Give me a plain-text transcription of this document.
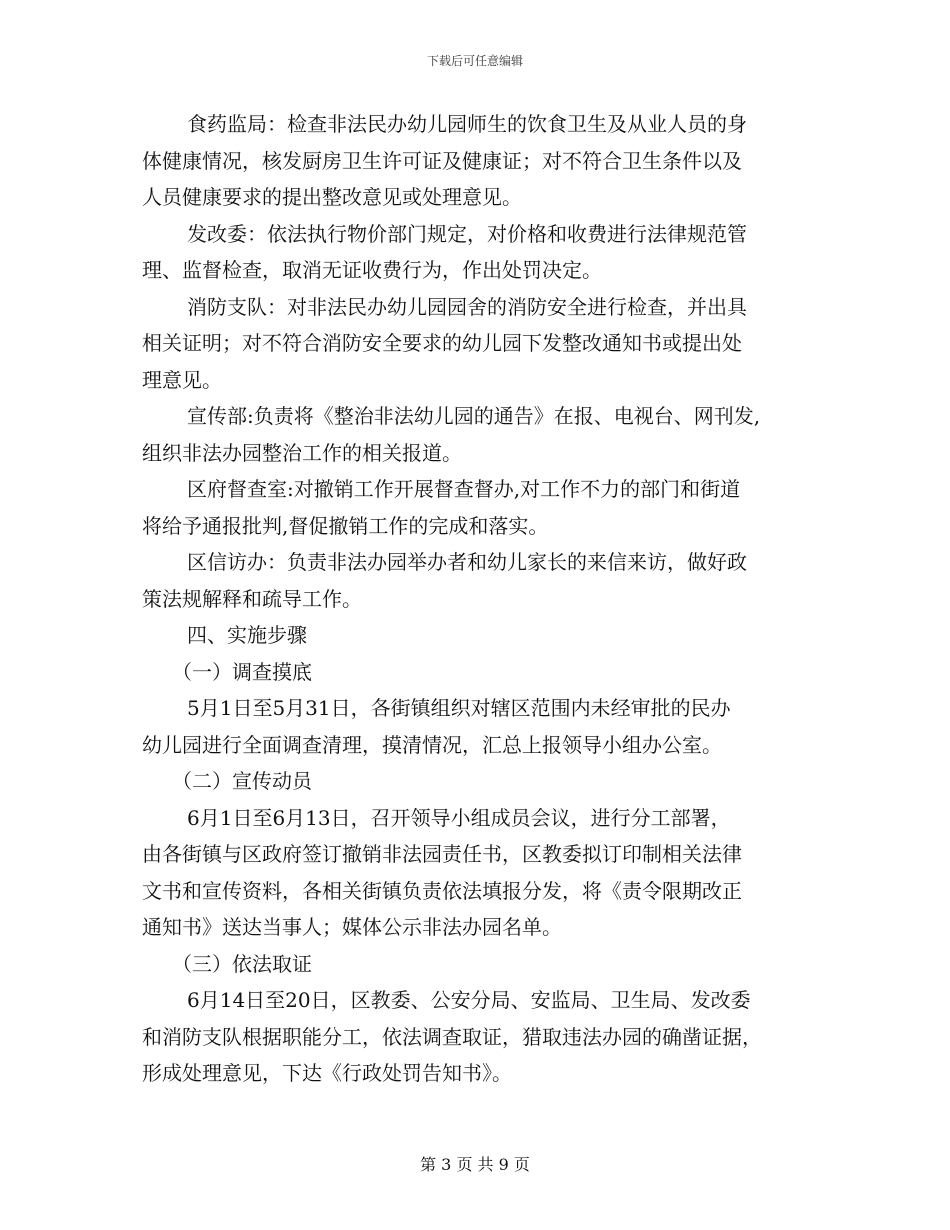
下载后可任意编辑
食药监局：检查非法民办幼儿园师生的饮食卫生及从业人员的身
体健康情况，核发厨房卫生许可证及健康证；对不符合卫生条件以及
人员健康要求的提出整改意见或处理意见。
发改委：依法执行物价部门规定，对价格和收费进行法律规范管
理、监督检查，取消无证收费行为，作出处罚决定。
消防支队：对非法民办幼儿园园舍的消防安全进行检查，并出具
相关证明；对不符合消防安全要求的幼儿园下发整改通知书或提出处
理意见。
宣传部:负责将《整治非法幼儿园的通告》在报、电视台、网刊发,
组织非法办园整治工作的相关报道。
区府督查室:对撤销工作开展督查督办,对工作不力的部门和街道
将给予通报批判,督促撤销工作的完成和落实。
区信访办：负责非法办园举办者和幼儿家长的来信来访，做好政
策法规解释和疏导工作。
四、实施步骤
（一）调查摸底
5月1日至5月31日，各街镇组织对辖区范围内未经审批的民办
幼儿园进行全面调查清理，摸清情况，汇总上报领导小组办公室。
（二）宣传动员
6月1日至6月13日，召开领导小组成员会议，进行分工部署，
由各街镇与区政府签订撤销非法园责任书，区教委拟订印制相关法律
文书和宣传资料，各相关街镇负责依法填报分发，将《责令限期改正
通知书》送达当事人；媒体公示非法办园名单。
（三）依法取证
6月14日至20日，区教委、公安分局、安监局、卫生局、发改委
和消防支队根据职能分工，依法调查取证，猎取违法办园的确凿证据，
形成处理意见，下达《行政处罚告知书》。
第 3 页 共 9 页
